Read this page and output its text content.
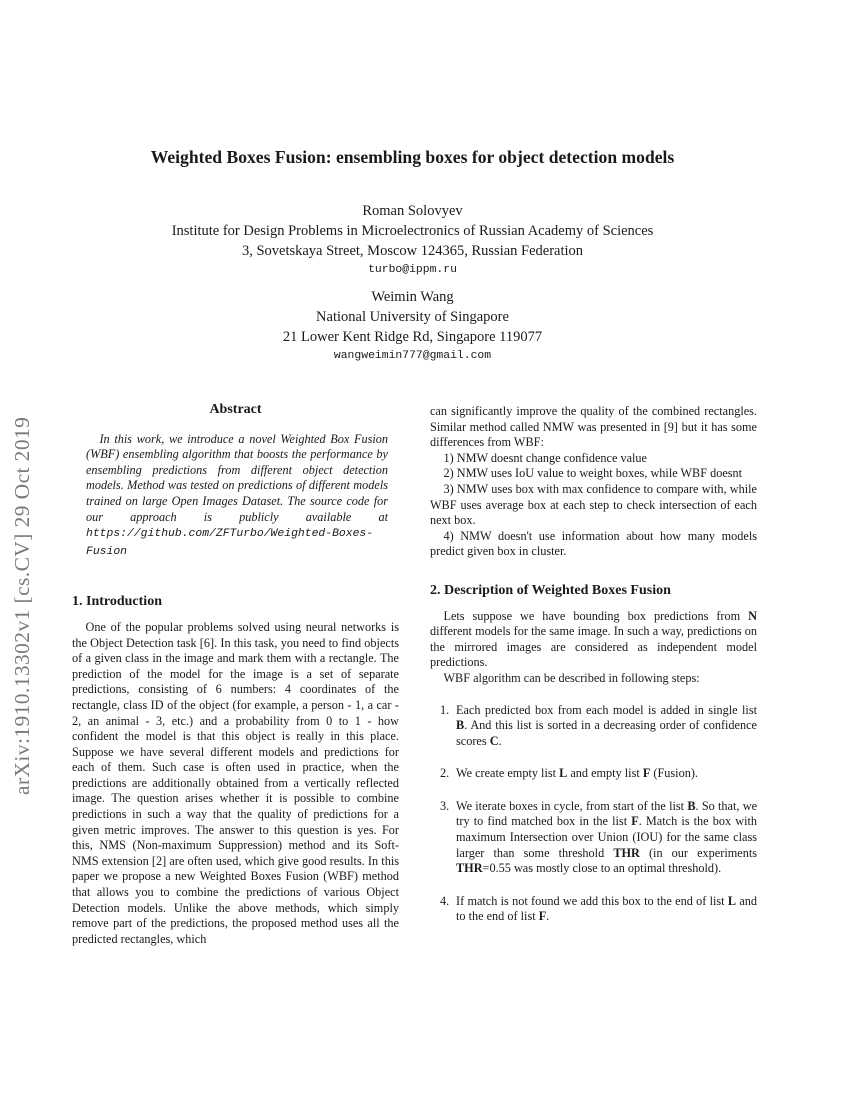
arXiv:1910.13302v1 [cs.CV] 29 Oct 2019
Weighted Boxes Fusion: ensembling boxes for object detection models
Roman Solovyev
Institute for Design Problems in Microelectronics of Russian Academy of Sciences
3, Sovetskaya Street, Moscow 124365, Russian Federation
turbo@ippm.ru
Weimin Wang
National University of Singapore
21 Lower Kent Ridge Rd, Singapore 119077
wangweimin777@gmail.com
Abstract

In this work, we introduce a novel Weighted Box Fusion (WBF) ensembling algorithm that boosts the performance by ensembling predictions from different object detection models. Method was tested on predictions of different models trained on large Open Images Dataset. The source code for our approach is publicly available at https://github.com/ZFTurbo/Weighted-Boxes-Fusion

1. Introduction

One of the popular problems solved using neural networks is the Object Detection task [6]. In this task, you need to find objects of a given class in the image and mark them with a rectangle. The prediction of the model for the image is a set of separate predictions, consisting of 6 numbers: 4 coordinates of the rectangle, class ID of the object (for example, a person - 1, a car - 2, an animal - 3, etc.) and a probability from 0 to 1 - how confident the model is that this object is really in this place. Suppose we have several different models and predictions for each of them. Such case is often used in practice, when the predictions are additionally obtained from a vertically reflected image. The question arises whether it is possible to combine predictions in such a way that the quality of predictions for a given metric improves. The answer to this question is yes. For this, NMS (Non-maximum Suppression) method and its Soft-NMS extension [2] are often used, which give good results. In this paper we propose a new Weighted Boxes Fusion (WBF) method that allows you to combine the predictions of various Object Detection models. Unlike the above methods, which simply remove part of the predictions, the proposed method uses all the predicted rectangles, which

can significantly improve the quality of the combined rectangles. Similar method called NMW was presented in [9] but it has some differences from WBF:

1) NMW doesnt change confidence value

2) NMW uses IoU value to weight boxes, while WBF doesnt

3) NMW uses box with max confidence to compare with, while WBF uses average box at each step to check intersection of each next box.

4) NMW doesn't use information about how many models predict given box in cluster.

2. Description of Weighted Boxes Fusion

Lets suppose we have bounding box predictions from N different models for the same image. In such a way, predictions on the mirrored images are considered as independent model predictions.

WBF algorithm can be described in following steps:

1. Each predicted box from each model is added in single list B. And this list is sorted in a decreasing order of confidence scores C.
2. We create empty list L and empty list F (Fusion).
3. We iterate boxes in cycle, from start of the list B. So that, we try to find matched box in the list F. Match is the box with maximum Intersection over Union (IOU) for the same class larger than some threshold THR (in our experiments THR=0.55 was mostly close to an optimal threshold).
4. If match is not found we add this box to the end of list L and to the end of list F.
